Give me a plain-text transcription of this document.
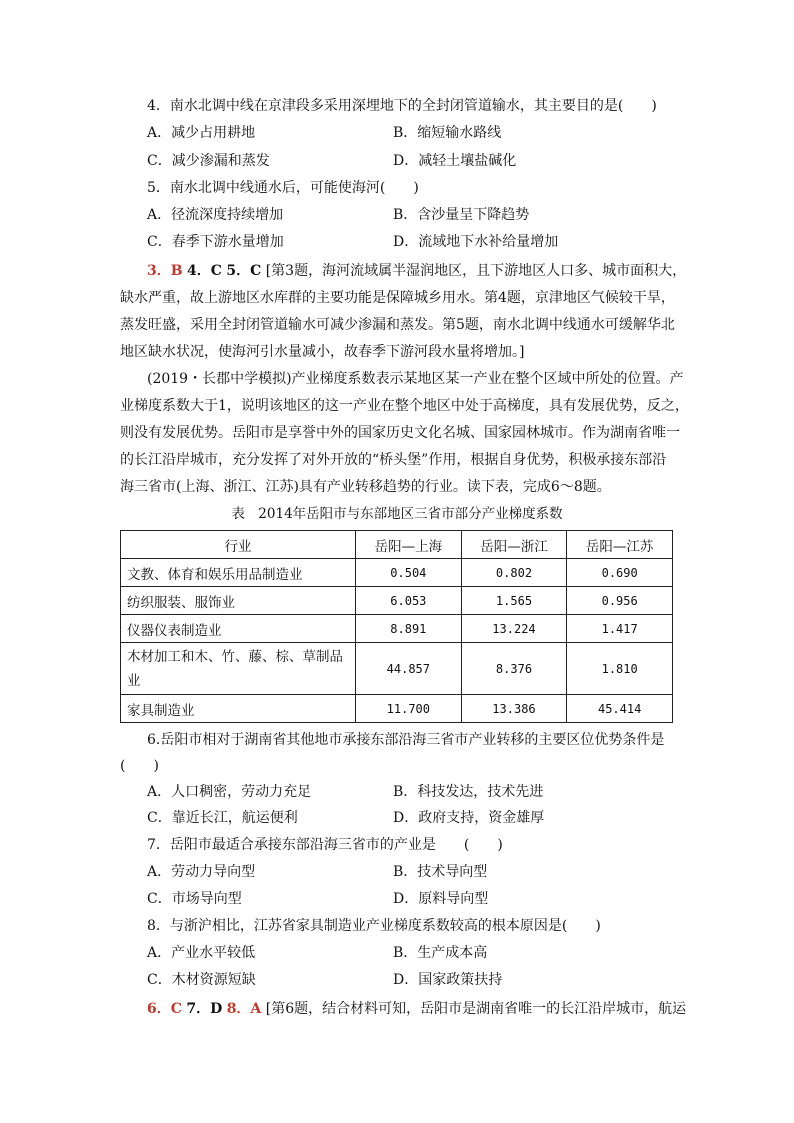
4．南水北调中线在京津段多采用深埋地下的全封闭管道输水，其主要目的是(　　)
A．减少占用耕地	B．缩短输水路线
C．减少渗漏和蒸发	D．减轻土壤盐碱化
5．南水北调中线通水后，可能使海河(　　)
A．径流深度持续增加	B．含沙量呈下降趋势
C．春季下游水量增加	D．流域地下水补给量增加
3．B 4．C 5．C [第3题，海河流域属半湿润地区，且下游地区人口多、城市面积大，
缺水严重，故上游地区水库群的主要功能是保障城乡用水。第4题，京津地区气候较干旱，
蒸发旺盛，采用全封闭管道输水可减少渗漏和蒸发。第5题，南水北调中线通水可缓解华北
地区缺水状况，使海河引水量减小，故春季下游河段水量将增加。]
(2019・长郡中学模拟)产业梯度系数表示某地区某一产业在整个区域中所处的位置。产
业梯度系数大于1，说明该地区的这一产业在整个地区中处于高梯度，具有发展优势，反之，
则没有发展优势。岳阳市是享誉中外的国家历史文化名城、国家园林城市。作为湖南省唯一
的长江沿岸城市，充分发挥了对外开放的“桥头堡”作用，根据自身优势，积极承接东部沿
海三省市(上海、浙江、江苏)具有产业转移趋势的行业。读下表，完成6～8题。
表　2014年岳阳市与东部地区三省市部分产业梯度系数
行业	岳阳—上海	岳阳—浙江	岳阳—江苏
文教、体育和娱乐用品制造业	0.504	0.802	0.690
纺织服装、服饰业	6.053	1.565	0.956
仪器仪表制造业	8.891	13.224	1.417

木材加工和木、竹、藤、棕、草制品
业	44.857	8.376	1.810
家具制造业	11.700	13.386	45.414
6.岳阳市相对于湖南省其他地市承接东部沿海三省市产业转移的主要区位优势条件是
(　　)
A．人口稠密，劳动力充足	B．科技发达，技术先进
C．靠近长江，航运便利	D．政府支持，资金雄厚
7．岳阳市最适合承接东部沿海三省市的产业是　　(　　)
A．劳动力导向型	B．技术导向型
C．市场导向型	D．原料导向型
8．与浙沪相比，江苏省家具制造业产业梯度系数较高的根本原因是(　　)
A．产业水平较低	B．生产成本高
C．木材资源短缺	D．国家政策扶持
6．C 7．D 8．A [第6题，结合材料可知，岳阳市是湖南省唯一的长江沿岸城市，航运
